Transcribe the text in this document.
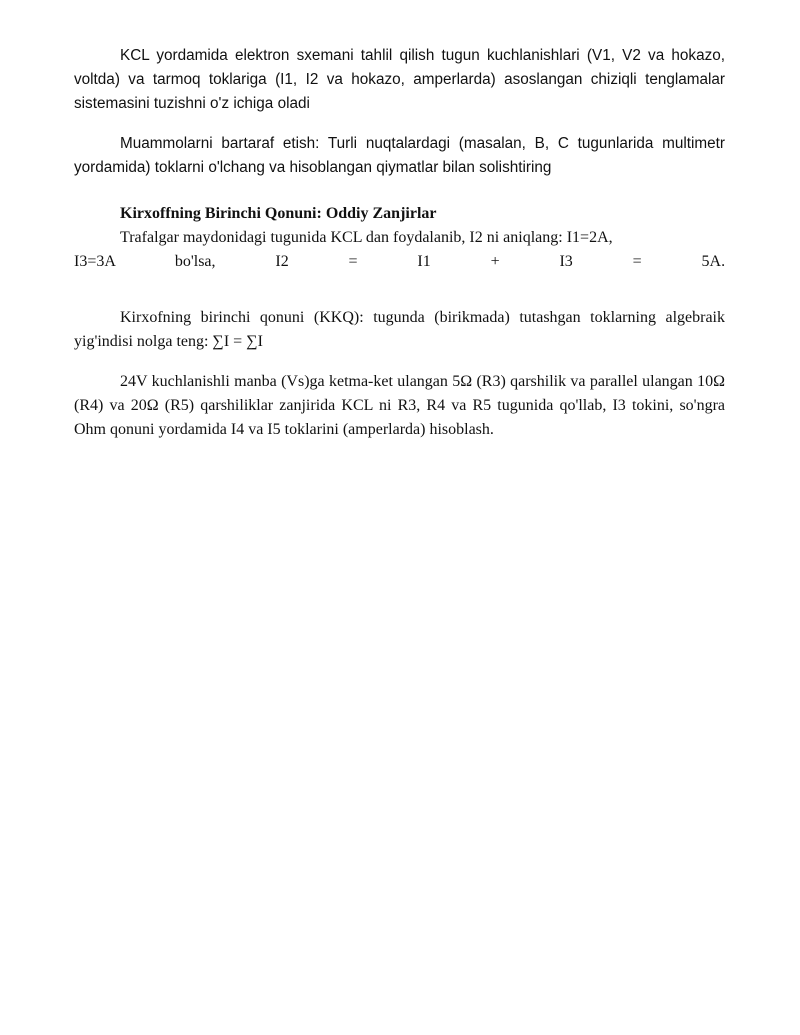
KCL yordamida elektron sxemani tahlil qilish tugun kuchlanishlari (V1, V2 va hokazo, voltda) va tarmoq toklariga (I1, I2 va hokazo, amperlarda) asoslangan chiziqli tenglamalar sistemasini tuzishni o'z ichiga oladi

Muammolarni bartaraf etish: Turli nuqtalardagi (masalan, B, C tugunlarida multimetr yordamida) toklarni o'lchang va hisoblangan qiymatlar bilan solishtiring

Kirxoffning Birinchi Qonuni: Oddiy Zanjirlar

Trafalgar maydonidagi tugunida KCL dan foydalanib, I2 ni aniqlang: I1=2A,

I3=3A	bo'lsa,	I2	=	I1	+	I3	=	5A.

Kirxofning birinchi qonuni (KKQ): tugunda (birikmada) tutashgan toklarning algebraik yig'indisi nolga teng: ∑I = ∑I

24V kuchlanishli manba (Vs)ga ketma-ket ulangan 5Ω (R3) qarshilik va parallel ulangan 10Ω (R4) va 20Ω (R5) qarshiliklar zanjirida KCL ni R3, R4 va R5 tugunida qo'llab, I3 tokini, so'ngra Ohm qonuni yordamida I4 va I5 toklarini (amperlarda) hisoblash.
